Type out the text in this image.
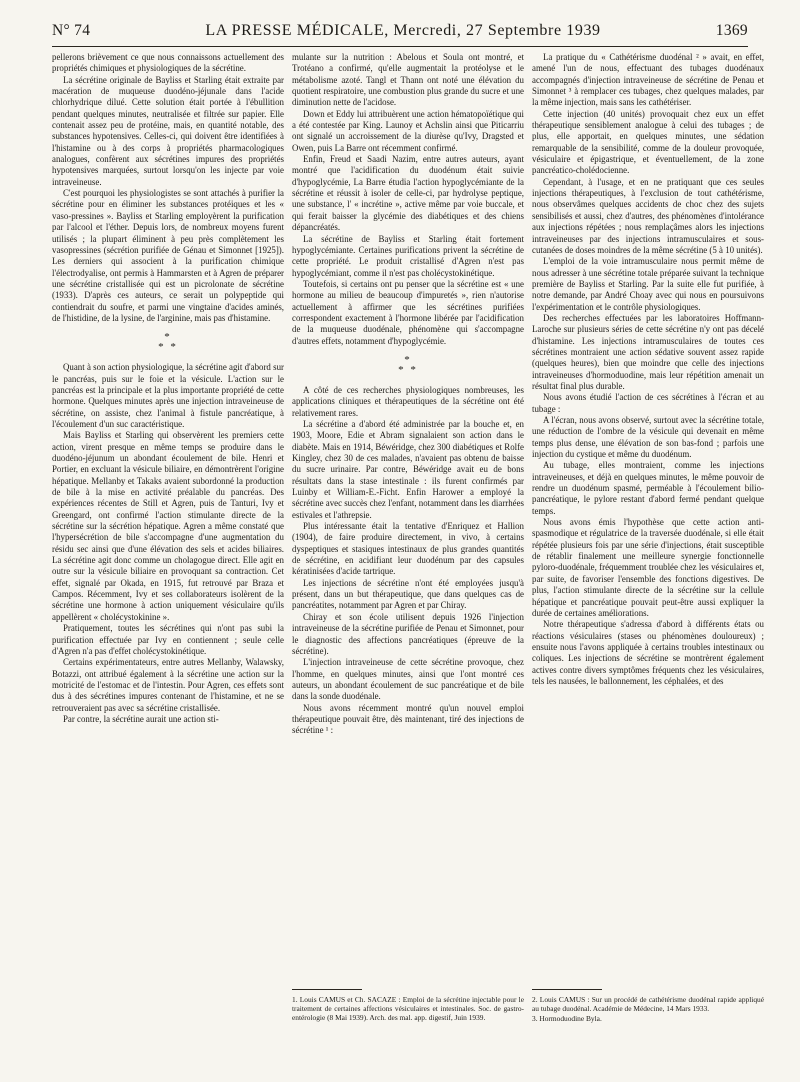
N° 74	LA PRESSE MÉDICALE, Mercredi, 27 Septembre 1939	1369

pellerons brièvement ce que nous connaissons actuellement des propriétés chimiques et physiologiques de la sécrétine.

La sécrétine originale de Bayliss et Starling était extraite par macération de muqueuse duodéno-jéjunale dans l'acide chlorhydrique dilué. Cette solution était portée à l'ébullition pendant quelques minutes, neutralisée et filtrée sur papier. Elle contenait assez peu de protéine, mais, en quantité notable, des substances hypotensives. Celles-ci, qui doivent être identifiées à l'histamine ou à des corps à propriétés pharmacologiques analogues, confèrent aux sécrétines impures des propriétés hypotensives marquées, surtout lorsqu'on les injecte par voie intraveineuse.

C'est pourquoi les physiologistes se sont attachés à purifier la sécrétine pour en éliminer les substances protéiques et les « vaso-pressines ». Bayliss et Starling employèrent la purification par l'alcool et l'éther. Depuis lors, de nombreux moyens furent utilisés ; la plupart éliminent à peu près complètement les vasopressines (sécrétion purifiée de Génau et Simonnet [1925]). Les derniers qui associent à la purification chimique l'électrodyalise, ont permis à Hammarsten et à Agren de préparer une sécrétine cristallisée qui est un picrolonate de sécrétine (1933). D'après ces auteurs, ce serait un polypeptide qui contiendrait du soufre, et parmi une vingtaine d'acides aminés, de l'histidine, de la lysine, de l'arginine, mais pas d'histamine.

*
* *

Quant à son action physiologique, la sécrétine agit d'abord sur le pancréas, puis sur le foie et la vésicule. L'action sur le pancréas est la principale et la plus importante propriété de cette hormone. Quelques minutes après une injection intraveineuse de sécrétine, on assiste, chez l'animal à fistule pancréatique, à l'écoulement d'un suc caractéristique.

Mais Bayliss et Starling qui observèrent les premiers cette action, virent presque en même temps se produire dans le duodéno-jéjunum un abondant écoulement de bile. Henri et Portier, en excluant la vésicule biliaire, en démontrèrent l'origine hépatique. Mellanby et Takaks avaient subordonné la production de bile à la mise en activité préalable du pancréas. Des expériences récentes de Still et Agren, puis de Tanturi, Ivy et Greengard, ont confirmé l'action stimulante directe de la sécrétine sur la sécrétion hépatique. Agren a même constaté que l'hypersécrétion de bile s'accompagne d'une augmentation du résidu sec ainsi que d'une élévation des sels et acides biliaires. La sécrétine agit donc comme un cholagogue direct. Elle agit en outre sur la vésicule biliaire en provoquant sa contraction. Cet effet, signalé par Okada, en 1915, fut retrouvé par Braza et Campos. Récemment, Ivy et ses collaborateurs isolèrent de la sécrétine une hormone à action uniquement vésiculaire qu'ils appellèrent « cholécystokinine ».

Pratiquement, toutes les sécrétines qui n'ont pas subi la purification effectuée par Ivy en contiennent ; seule celle d'Agren n'a pas d'effet cholécystokinétique.

Certains expérimentateurs, entre autres Mellanby, Walawsky, Botazzi, ont attribué également à la sécrétine une action sur la motricité de l'estomac et de l'intestin. Pour Agren, ces effets sont dus à des sécrétines impures contenant de l'histamine, et ne se retrouveraient pas avec sa sécrétine cristallisée.

Par contre, la sécrétine aurait une action sti-

mulante sur la nutrition : Abelous et Soula ont montré, et Trotéano a confirmé, qu'elle augmentait la protéolyse et le métabolisme azoté. Tangl et Thann ont noté une élévation du quotient respiratoire, une combustion plus grande du sucre et une diminution nette de l'acidose.

Down et Eddy lui attribuèrent une action hématopoïétique qui a été contestée par King. Launoy et Achslin ainsi que Piticarriu ont signalé un accroissement de la diurèse qu'Ivy, Dragsted et Owen, puis La Barre ont récemment confirmé.

Enfin, Freud et Saadi Nazim, entre autres auteurs, ayant montré que l'acidification du duodénum était suivie d'hypoglycémie, La Barre étudia l'action hypoglycémiante de la sécrétine et réussit à isoler de celle-ci, par hydrolyse peptique, une substance, l' « incrétine », active même par voie buccale, et qui ferait baisser la glycémie des diabétiques et des chiens dépancréatés.

La sécrétine de Bayliss et Starling était fortement hypoglycémiante. Certaines purifications privent la sécrétine de cette propriété. Le produit cristallisé d'Agren n'est pas hypoglycémiant, comme il n'est pas cholécystokinétique.

Toutefois, si certains ont pu penser que la sécrétine est « une hormone au milieu de beaucoup d'impuretés », rien n'autorise actuellement à affirmer que les sécrétines purifiées correspondent exactement à l'hormone libérée par l'acidification de la muqueuse duodénale, phénomène qui s'accompagne d'autres effets, notamment d'hypoglycémie.

*
* *

A côté de ces recherches physiologiques nombreuses, les applications cliniques et thérapeutiques de la sécrétine ont été relativement rares.

La sécrétine a d'abord été administrée par la bouche et, en 1903, Moore, Edie et Abram signalaient son action dans le diabète. Mais en 1914, Béwéridge, chez 300 diabétiques et Rolfe Kingley, chez 30 de ces malades, n'avaient pas obtenu de baisse du sucre urinaire. Par contre, Béwéridge avait eu de bons résultats dans la stase intestinale : ils furent confirmés par Luinby et William-E.-Ficht. Enfin Harower a employé la sécrétine avec succès chez l'enfant, notamment dans les diarrhées estivales et l'athrepsie.

Plus intéressante était la tentative d'Enriquez et Hallion (1904), de faire produire directement, in vivo, à certains dyspeptiques et stasiques intestinaux de plus grandes quantités de sécrétine, en acidifiant leur duodénum par des capsules kératinisées d'acide tartrique.

Les injections de sécrétine n'ont été employées jusqu'à présent, dans un but thérapeutique, que dans quelques cas de pancréatites, notamment par Agren et par Chiray.

Chiray et son école utilisent depuis 1926 l'injection intraveineuse de la sécrétine purifiée de Penau et Simonnet, pour le diagnostic des affections pancréatiques (épreuve de la sécrétine).

L'injection intraveineuse de cette sécrétine provoque, chez l'homme, en quelques minutes, ainsi que l'ont montré ces auteurs, un abondant écoulement de suc pancréatique et de bile dans la sonde duodénale.

Nous avons récemment montré qu'un nouvel emploi thérapeutique pouvait être, dès maintenant, tiré des injections de sécrétine ¹ :

1. Louis CAMUS et Ch. SACAZE : Emploi de la sécrétine injectable pour le traitement de certaines affections vésiculaires et intestinales. Soc. de gastro-entérologie (8 Mai 1939). Arch. des mal. app. digestif, Juin 1939.

La pratique du « Cathétérisme duodénal ² » avait, en effet, amené l'un de nous, effectuant des tubages duodénaux accompagnés d'injection intraveineuse de sécrétine de Penau et Simonnet ³ à remplacer ces tubages, chez quelques malades, par la même injection, mais sans les cathétériser.

Cette injection (40 unités) provoquait chez eux un effet thérapeutique sensiblement analogue à celui des tubages ; de plus, elle apportait, en quelques minutes, une sédation remarquable de la sensibilité, comme de la douleur provoquée, vésiculaire et épigastrique, et éventuellement, de la zone pancréatico-cholédocienne.

Cependant, à l'usage, et en ne pratiquant que ces seules injections thérapeutiques, à l'exclusion de tout cathétérisme, nous observâmes quelques accidents de choc chez des sujets sensibilisés et aussi, chez d'autres, des phénomènes d'intolérance aux injections répétées ; nous remplaçâmes alors les injections intraveineuses par des injections intramusculaires et sous-cutanées de doses moindres de la même sécrétine (5 à 10 unités).

L'emploi de la voie intramusculaire nous permit même de nous adresser à une sécrétine totale préparée suivant la technique première de Bayliss et Starling. Par la suite elle fut purifiée, à notre demande, par André Choay avec qui nous en poursuivons l'expérimentation et le contrôle physiologiques.

Des recherches effectuées par les laboratoires Hoffmann-Laroche sur plusieurs séries de cette sécrétine n'y ont pas décelé d'histamine. Les injections intramusculaires de toutes ces sécrétines montraient une action sédative souvent assez rapide (quelques heures), bien que moindre que celle des injections intraveineuses d'hormoduodine, mais leur répétition amenait un résultat final plus durable.

Nous avons étudié l'action de ces sécrétines à l'écran et au tubage :

A l'écran, nous avons observé, surtout avec la sécrétine totale, une réduction de l'ombre de la vésicule qui devenait en même temps plus dense, une élévation de son bas-fond ; parfois une injection du cystique et même du duodénum.

Au tubage, elles montraient, comme les injections intraveineuses, et déjà en quelques minutes, le même pouvoir de rendre un duodénum spasmé, perméable à l'écoulement bilio-pancréatique, le pylore restant d'abord fermé pendant quelque temps.

Nous avons émis l'hypothèse que cette action anti-spasmodique et régulatrice de la traversée duodénale, si elle était répétée plusieurs fois par une série d'injections, était susceptible de rétablir finalement une meilleure synergie fonctionnelle pyloro-duodénale, fréquemment troublée chez les vésiculaires et, par suite, de favoriser l'ensemble des fonctions digestives. De plus, l'action stimulante directe de la sécrétine sur la cellule hépatique et pancréatique pouvait peut-être aussi expliquer la durée de certaines améliorations.

Notre thérapeutique s'adressa d'abord à différents états ou réactions vésiculaires (stases ou phénomènes douloureux) ; ensuite nous l'avons appliquée à certains troubles intestinaux ou coliques. Les injections de sécrétine se montrèrent également actives contre divers symptômes fréquents chez les vésiculaires, tels les nausées, le ballonnement, les céphalées, et des

2. Louis CAMUS : Sur un procédé de cathétérisme duodénal rapide appliqué au tubage duodénal. Académie de Médecine, 14 Mars 1933.

3. Hormoduodine Byla.
